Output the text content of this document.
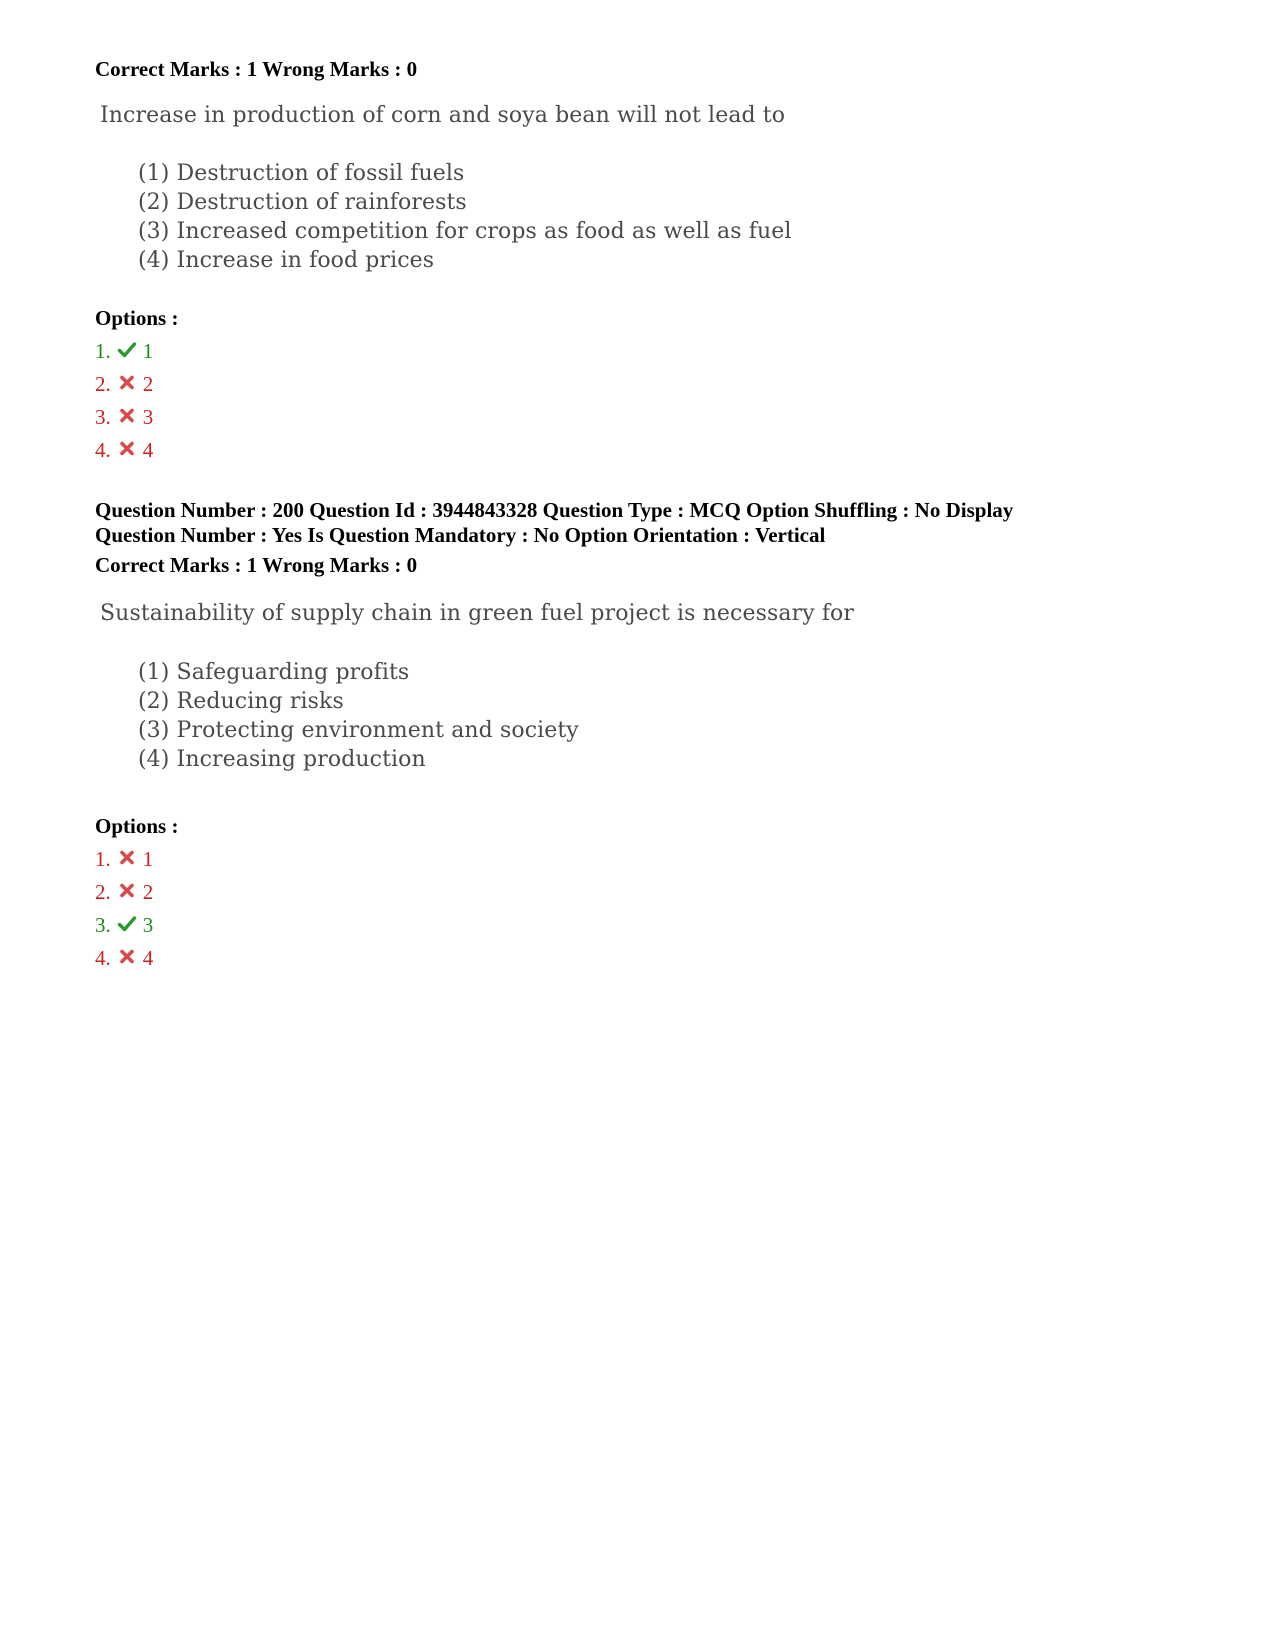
Correct Marks : 1 Wrong Marks : 0
Increase in production of corn and soya bean will not lead to
(1) Destruction of fossil fuels
(2) Destruction of rainforests
(3) Increased competition for crops as food as well as fuel
(4) Increase in food prices
Options :
1. 1
2. 2
3. 3
4. 4
Question Number : 200 Question Id : 3944843328 Question Type : MCQ Option Shuffling : No Display
Question Number : Yes Is Question Mandatory : No Option Orientation : Vertical
Correct Marks : 1 Wrong Marks : 0
Sustainability of supply chain in green fuel project is necessary for
(1) Safeguarding profits
(2) Reducing risks
(3) Protecting environment and society
(4) Increasing production
Options :
1. 1
2. 2
3. 3
4. 4
